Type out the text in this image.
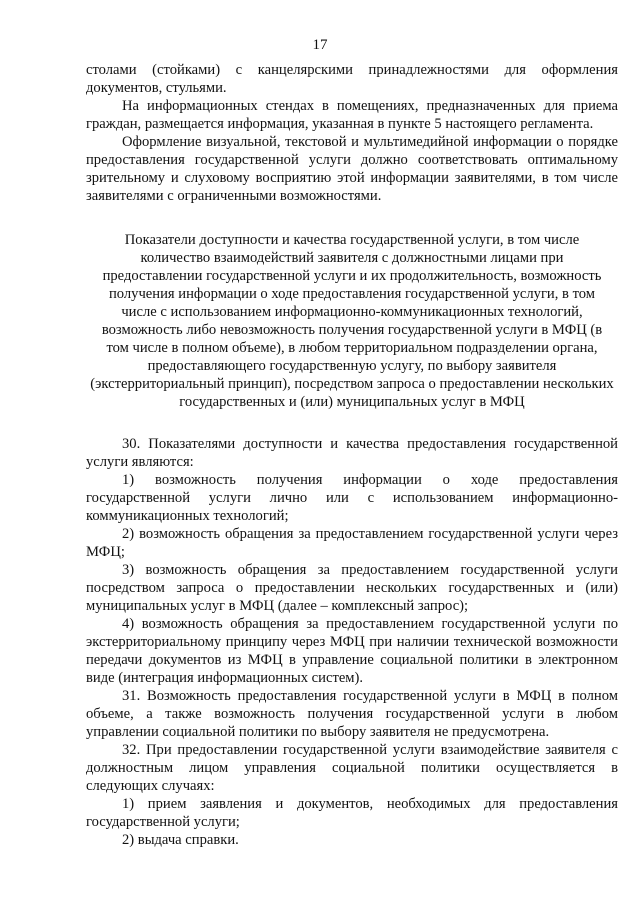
17

столами (стойками) с канцелярскими принадлежностями для оформления документов, стульями.

На информационных стендах в помещениях, предназначенных для приема граждан, размещается информация, указанная в пункте 5 настоящего регламента.

Оформление визуальной, текстовой и мультимедийной информации о порядке предоставления государственной услуги должно соответствовать оптимальному зрительному и слуховому восприятию этой информации заявителями, в том числе заявителями с ограниченными возможностями.

Показатели доступности и качества государственной услуги, в том числе количество взаимодействий заявителя с должностными лицами при предоставлении государственной услуги и их продолжительность, возможность получения информации о ходе предоставления государственной услуги, в том числе с использованием информационно-коммуникационных технологий, возможность либо невозможность получения государственной услуги в МФЦ (в том числе в полном объеме), в любом территориальном подразделении органа, предоставляющего государственную услугу, по выбору заявителя (экстерриториальный принцип), посредством запроса о предоставлении нескольких государственных и (или) муниципальных услуг в МФЦ

30. Показателями доступности и качества предоставления государственной услуги являются:

1) возможность получения информации о ходе предоставления государственной услуги лично или с использованием информационно-коммуникационных технологий;

2) возможность обращения за предоставлением государственной услуги через МФЦ;

3) возможность обращения за предоставлением государственной услуги посредством запроса о предоставлении нескольких государственных и (или) муниципальных услуг в МФЦ (далее – комплексный запрос);

4) возможность обращения за предоставлением государственной услуги по экстерриториальному принципу через МФЦ при наличии технической возможности передачи документов из МФЦ в управление социальной политики в электронном виде (интеграция информационных систем).

31. Возможность предоставления государственной услуги в МФЦ в полном объеме, а также возможность получения государственной услуги в любом управлении социальной политики по выбору заявителя не предусмотрена.

32. При предоставлении государственной услуги взаимодействие заявителя с должностным лицом управления социальной политики осуществляется в следующих случаях:

1) прием заявления и документов, необходимых для предоставления государственной услуги;

2) выдача справки.
